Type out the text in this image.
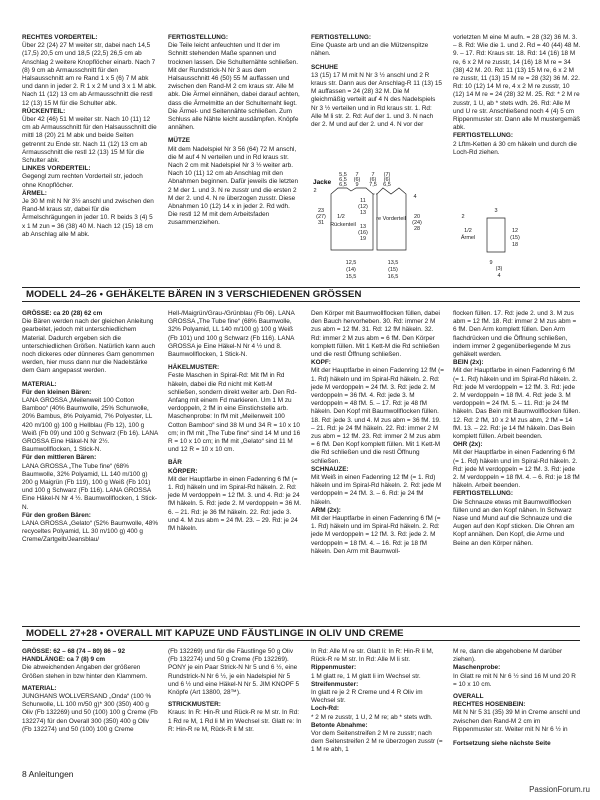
RECHTES VORDERTEIL:

Über 22 (24) 27 M weiter str, dabei nach 14,5 (17,5) 20,5 cm und 18,5 (22,5) 26,5 cm ab Anschlag 2 weitere Knopflöcher einarb. Nach 7 (8) 9 cm ab Armausschnitt für den Halsausschnitt am re Rand 1 x 5 (6) 7 M abk und dann in jeder 2. R 1 x 2 M und 3 x 1 M abk. Nach 11 (12) 13 cm ab Armausschnitt die restl 12 (13) 15 M für die Schulter abk.

RÜCKENTEIL:

Über 42 (46) 51 M weiter str. Nach 10 (11) 12 cm ab Armausschnitt für den Halsausschnitt die mittl 18 (20) 21 M abk und beide Seiten getrennt zu Ende str. Nach 11 (12) 13 cm ab Armausschnitt die restl 12 (13) 15 M für die Schulter abk.

LINKES VORDERTEIL:

Gegengl zum rechten Vorderteil str, jedoch ohne Knopflöcher.

ÄRMEL:

Je 30 M mit N Nr 3½ anschl und zwischen den Rand-M kraus str, dabei für die Ärmelschrägungen in jeder 10. R beids 3 (4) 5 x 1 M zun = 36 (38) 40 M. Nach 12 (15) 18 cm ab Anschlag alle M abk.

FERTIGSTELLUNG:

Die Teile leicht anfeuchten und It der im Schnitt stehenden Maße spannen und trocknen lassen. Die Schulternähte schließen. Mit der Rundstrick-N Nr 3 aus dem Halsausschnitt 46 (50) 55 M auffassen und zwischen den Rand-M 2 cm kraus str. Alle M abk. Die Ärmel einnähen, dabei darauf achten, dass die Ärmelmitte an der Schulternaht liegt. Die Ärmel- und Seitennähte schließen. Zum Schluss alle Nähte leicht ausdämpfen. Knöpfe annähen.

MÜTZE

Mit dem Nadelspiel Nr 3 56 (64) 72 M anschl, die M auf 4 N verteilen und in Rd kraus str. Nach 2 cm mit Nadelspiel Nr 3 ½ weiter arb. Nach 10 (11) 12 cm ab Anschlag mit den Abnahmen beginnen. Dafür jeweils die letzten 2 M der 1. und 3. N re zusstr und die ersten 2 M der 2. und 4. N re überzogen zusstr. Diese Abnahmen 10 (12) 14 x in jeder 2. Rd wdh. Die restl 12 M mit dem Arbeitsfaden zusammenziehen.

FERTIGSTELLUNG:

Eine Quaste arb und an die Mützenspitze nähen.

SCHUHE

13 (15) 17 M mit N Nr 3 ½ anschl und 2 R kraus str. Dann aus der Anschlag-R 11 (13) 15 M auffassen = 24 (28) 32 M. Die M gleichmäßig verteilt auf 4 N des Nadelspiels Nr 3 ½ verteilen und in Rd kraus str. 1. Rd: Alle M li str. 2. Rd: Auf der 1. und 3. N nach der 2. M und auf der 2. und 4. N vor der

Jacke
5,5 7 7
6,5 (6) (6) (6)
6,5 9 7,5 6,5
(7)
2
23
(27)
31
11
(12)
13
1/2
Rückenteil 13
(16)
19
re Vorderteil 20
(24)
28
4
12,5
(14)
15,5
13,5
(15)
16,5

vorletzten M eine M aufn. = 28 (32) 36 M. 3. – 8. Rd: Wie die 1. und 2. Rd = 40 (44) 48 M. 9. – 17. Rd: Kraus str. 18. Rd: 14 (16) 18 M re, 6 x 2 M re zusstr, 14 (16) 18 M re = 34 (38) 42 M. 20. Rd: 11 (13) 15 M re, 6 x 2 M re zusstr, 11 (13) 15 M re = 28 (32) 36 M. 22. Rd: 10 (12) 14 M re, 4 x 2 M re zusstr, 10 (12) 14 M re = 24 (28) 32 M. 25. Rd: * 2 M re zusstr, 1 U, ab * stets wdh. 26. Rd: Alle M und U re str. Anschließend noch 4 (4) 5 cm Rippenmuster str. Dann alle M mustergemäß abk.

FERTIGSTELLUNG:

2 Lftm-Ketten á 30 cm häkeln und durch die Loch-Rd ziehen.

3
2
12
(15)
18
9
(3)
4
1/2
Ärmel
MODELL 24–26 • GEHÄKELTE BÄREN IN 3 VERSCHIEDENEN GRÖSSEN

GRÖSSE: ca 20 (28) 62 cm

Die Bären werden nach der gleichen Anleitung gearbeitet, jedoch mit unterschiedlichem Material. Dadurch ergeben sich die unterschiedlichen Größen. Natürlich kann auch noch dickeres oder dünneres Garn genommen werden, hier muss dann nur die Nadelstärke dem Garn angepasst werden.

MATERIAL:

Für den kleinen Bären:

LANA GROSSA „Meilenweit 100 Cotton Bamboo“ (40% Baumwolle, 25% Schurwolle, 20% Bambus, 8% Polyamid, 7% Polyester, LL 420 m/100 g) 100 g Hellblau (Fb 12), 100 g Weiß (Fb 09) und 100 g Schwarz (Fb 16). LANA GROSSA Eine Häkel-N Nr 2½. Baumwollflocken, 1 Stick-N.

Für den mittleren Bären:

LANA GROSSA „The Tube fine“ (68% Baumwolle, 32% Polyamid, LL 140 m/100 g) 200 g Maigrün (Fb 119), 100 g Weiß (Fb 101) und 100 g Schwarz (Fb 116). LANA GROSSA Eine Häkel-N Nr 4 ½. Baumwollflocken, 1 Stick-N.

Für den großen Bären:

LANA GROSSA „Gelato“ (52% Baumwolle, 48% recyceltes Polyamid, LL 30 m/100 g) 400 g Creme/Zartgelb/Jeansblau/

Hell-/Maigrün/Grau-/Grünblau (Fb 06). LANA GROSSA „The Tube fine“ (68% Baumwolle, 32% Polyamid, LL 140 m/100 g) 100 g Weiß (Fb 101) und 100 g Schwarz (Fb 116). LANA GROSSA je Eine Häkel-N Nr 4 ½ und 8. Baumwollflocken, 1 Stick-N.

HÄKELMUSTER:

Feste Maschen in Spiral-Rd: Mit fM in Rd häkeln, dabei die Rd nicht mit Kett-M schließen, sondern direkt weiter arb. Den Rd-Anfang mit einem Fd markieren. Um 1 M zu verdoppeln, 2 fM in eine Einstichstelle arb.

Maschenprobe: In fM mit „Meilenweit 100 Cotton Bamboo“ sind 38 M und 34 R = 10 x 10 cm; in fM mit „The Tube fine“ sind 14 M und 16 R = 10 x 10 cm; in fM mit „Gelato“ sind 11 M und 12 R = 10 x 10 cm.

BÄR

KÖRPER:

Mit der Hauptfarbe in einen Fadenring 6 fM (= 1. Rd) häkeln und im Spiral-Rd häkeln. 2. Rd: jede M verdoppeln = 12 fM. 3. und 4. Rd: je 24 fM häkeln. 5. Rd: jede 2. M verdoppeln = 36 M. 6. – 21. Rd: je 36 fM häkeln. 22. Rd: jede 3. und 4. M zus abm = 24 fM. 23. – 29. Rd: je 24 fM häkeln.

Den Körper mit Baumwollflocken füllen, dabei den Bauch hervorheben. 30. Rd: immer 2 M zus abm = 12 fM. 31. Rd: 12 fM häkeln. 32. Rd: immer 2 M zus abm = 6 fM. Den Körper komplett füllen. Mit 1 Kett-M die Rd schließen und die restl Öffnung schließen.

KOPF:

Mit der Hauptfarbe in einen Fadenring 12 fM (= 1. Rd) häkeln und im Spiral-Rd häkeln. 2. Rd: jede M verdoppeln = 24 fM. 3. Rd: jede 2. M verdoppeln = 36 fM. 4. Rd: jede 3. M verdoppeln = 48 fM. 5. – 17. Rd: je 48 fM häkeln. Den Kopf mit Baumwollflocken füllen. 18. Rd: jede 3. und 4. M zus abm = 36 fM. 19. – 21. Rd: je 24 fM häkeln. 22. Rd: immer 2 M zus abm = 12 fM. 23. Rd: immer 2 M zus abm = 6 fM. Den Kopf komplett füllen. Mit 1 Kett-M die Rd schließen und die restl Öffnung schließen.

SCHNAUZE:

Mit Weiß in einen Fadenring 12 fM (= 1. Rd) häkeln und im Spiral-Rd häkeln. 2. Rd: jede M verdoppeln = 24 fM. 3. – 6. Rd: je 24 fM häkeln.

ARM (2x):

Mit der Hauptfarbe in einen Fadenring 6 fM (= 1. Rd) häkeln und im Spiral-Rd häkeln. 2. Rd: jede M verdoppeln = 12 fM. 3. Rd: jede 2. M verdoppeln = 18 fM. 4. – 16. Rd: je 18 fM häkeln. Den Arm mit Baumwoll-

flocken füllen. 17. Rd: jede 2. und 3. M zus abm = 12 fM. 18. Rd: immer 2 M zus abm = 6 fM. Den Arm komplett füllen. Den Arm flachdrücken und die Öffnung schließen, indem immer 2 gegenüberliegende M zus gehäkelt werden.

BEIN (2x):

Mit der Hauptfarbe in einen Fadenring 6 fM (= 1. Rd) häkeln und im Spiral-Rd häkeln. 2. Rd: jede M verdoppeln = 12 fM. 3. Rd: jede 2. M verdoppeln = 18 fM. 4. Rd: jede 3. M verdoppeln = 24 fM. 5. – 11. Rd: je 24 fM häkeln. Das Bein mit Baumwollflocken füllen. 12. Rd: 2 fM, 10 x 2 M zus abm, 2 fM = 14 fM. 13. – 22. Rd: je 14 fM häkeln. Das Bein komplett füllen. Arbeit beenden.

OHR (2x):

Mit der Hauptfarbe in einen Fadenring 6 fM (= 1. Rd) häkeln und im Spiral-Rd häkeln. 2. Rd: jede M verdoppeln = 12 fM. 3. Rd: jede 2. M verdoppeln = 18 fM. 4. – 6. Rd: je 18 fM häkeln. Arbeit beenden.

FERTIGSTELLUNG:

Die Schnauze etwas mit Baumwollflocken füllen und an den Kopf nähen. In Schwarz Nase und Mund auf die Schnauze und die Augen auf den Kopf sticken. Die Ohren am Kopf annähen. Den Kopf, die Arme und Beine an den Körper nähen.

MODELL 27+28 • OVERALL MIT KAPUZE UND FÄUSTLINGE IN OLIV UND CREME

GRÖSSE: 62 – 68 (74 – 80) 86 – 92

HANDLÄNGE: ca 7 (8) 9 cm

Die abweichenden Angaben der größeren Größen stehen in bzw hinter den Klammern.

MATERIAL:

JUNGHANS WOLLVERSAND „Onda“ (100 % Schurwolle, LL 100 m/50 g)* 300 (350) 400 g Oliv (Fb 132269) und 50 (100) 100 g Creme (Fb 132274) für den Overall 300 (350) 400 g Oliv (Fb 132274) und 50 (100) 100 g Creme

(Fb 132269) und für die Fäustlinge 50 g Oliv (Fb 132274) und 50 g Creme (Fb 132269). PONY je ein Paar Strick-N Nr 5 und 6 ½, eine Rundstrick-N Nr 6 ½, je ein Nadelspiel Nr 5 und 6 ½ und eine Häkel-N Nr 5. JIM KNOPF 5 Knöpfe (Art 13800, 28™).

STRICKMUSTER:

Kraus: In R: Hin-R und Rück-R re M str. In Rd: 1 Rd re M, 1 Rd li M im Wechsel str. Glatt re: In R: Hin-R re M, Rück-R li M str.

In Rd: Alle M re str. Glatt li: In R: Hin-R li M, Rück-R re M str. In Rd: Alle M li str.

Rippenmuster:

1 M glatt re, 1 M glatt li im Wechsel str.

Streifenmuster:

In glatt re je 2 R Creme und 4 R Oliv im Wechsel str.

Loch-Rd:

* 2 M re zusstr, 1 U, 2 M re; ab * stets wdh.

Betonte Abnahme:

Vor dem Seitenstreifen 2 M re zusstr; nach dem Seitenstreifen 2 M re überzogen zusstr (= 1 M re abh, 1

M re, dann die abgehobene M darüber ziehen).

Maschenprobe:

In Glatt re mit N Nr 6 ½ sind 16 M und 20 R = 10 x 10 cm.

OVERALL

RECHTES HOSENBEIN:

Mit N Nr 5 31 (35) 39 M in Creme anschl und zwischen den Rand-M 2 cm im Rippenmuster str. Weiter mit N Nr 6 ½ in

Fortsetzung siehe nächste Seite

8 Anleitungen
PassionForum.ru
